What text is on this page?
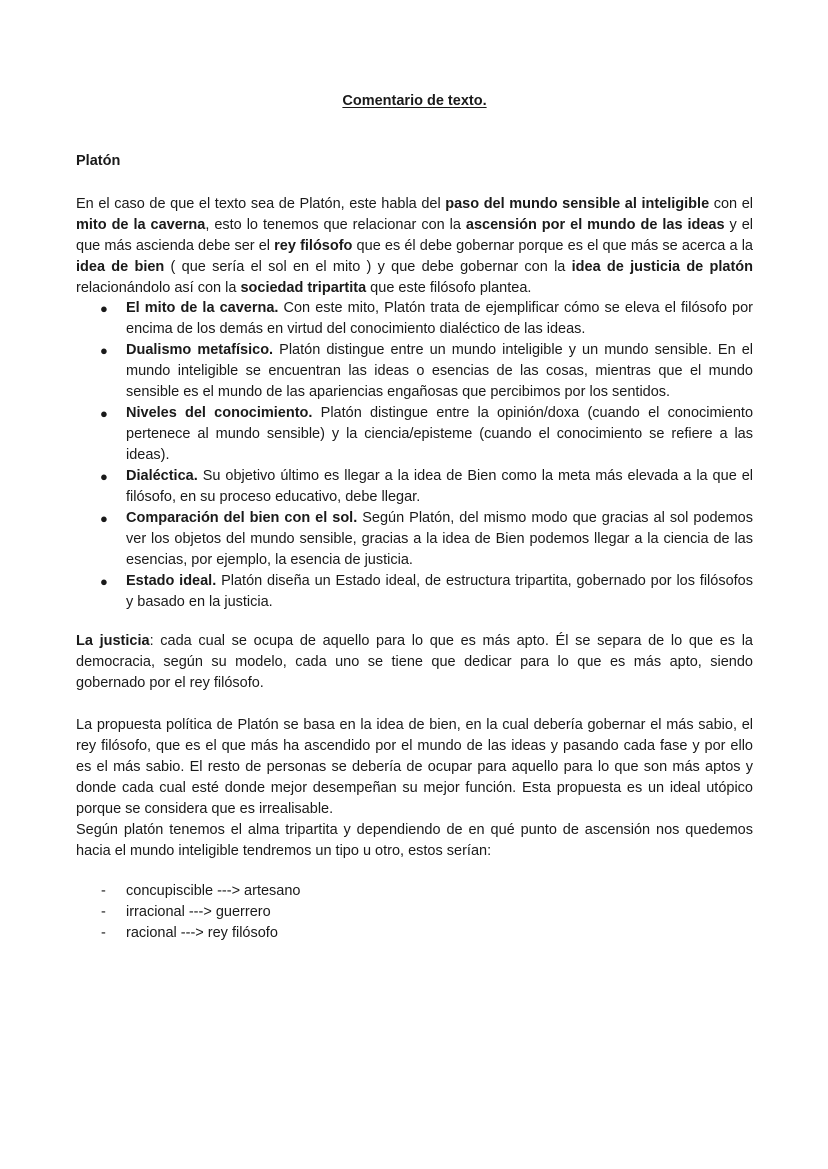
Comentario de texto.
Platón

En el caso de que el texto sea de Platón, este habla del paso del mundo sensible al inteligible con el mito de la caverna, esto lo tenemos que relacionar con la ascensión por el mundo de las ideas y el que más ascienda debe ser el rey filósofo que es él debe gobernar porque es el que más se acerca a la idea de bien ( que sería el sol en el mito ) y que debe gobernar con la idea de justicia de platón relacionándolo así con la sociedad tripartita que este filósofo plantea.

● El mito de la caverna. Con este mito, Platón trata de ejemplificar cómo se eleva el filósofo por encima de los demás en virtud del conocimiento dialéctico de las ideas.
● Dualismo metafísico. Platón distingue entre un mundo inteligible y un mundo sensible. En el mundo inteligible se encuentran las ideas o esencias de las cosas, mientras que el mundo sensible es el mundo de las apariencias engañosas que percibimos por los sentidos.
● Niveles del conocimiento. Platón distingue entre la opinión/doxa (cuando el conocimiento pertenece al mundo sensible) y la ciencia/episteme (cuando el conocimiento se refiere a las ideas).
● Dialéctica. Su objetivo último es llegar a la idea de Bien como la meta más elevada a la que el filósofo, en su proceso educativo, debe llegar.
● Comparación del bien con el sol. Según Platón, del mismo modo que gracias al sol podemos ver los objetos del mundo sensible, gracias a la idea de Bien podemos llegar a la ciencia de las esencias, por ejemplo, la esencia de justicia.
● Estado ideal. Platón diseña un Estado ideal, de estructura tripartita, gobernado por los filósofos y basado en la justicia.

La justicia: cada cual se ocupa de aquello para lo que es más apto. Él se separa de lo que es la democracia, según su modelo, cada uno se tiene que dedicar para lo que es más apto, siendo gobernado por el rey filósofo.

La propuesta política de Platón se basa en la idea de bien, en la cual debería gobernar el más sabio, el rey filósofo, que es el que más ha ascendido por el mundo de las ideas y pasando cada fase y por ello es el más sabio. El resto de personas se debería de ocupar para aquello para lo que son más aptos y donde cada cual esté donde mejor desempeñan su mejor función. Esta propuesta es un ideal utópico porque se considera que es irrealisable.
Según platón tenemos el alma tripartita y dependiendo de en qué punto de ascensión nos quedemos hacia el mundo inteligible tendremos un tipo u otro, estos serían:
- concupiscible ---> artesano
- irracional ---> guerrero
- racional ---> rey filósofo
